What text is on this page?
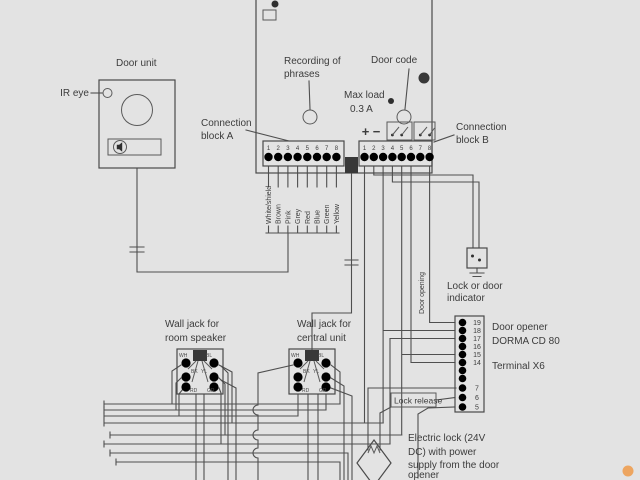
Door unit
IR eye
Recording of
phrases
Door code
Max load
0.3 A
1 2 3 4 5 6 7 8	1 2 3 4 5 6 7 8
+ −
Connection
block A
Connection
block B
White/shield Brown Pink Grey Red Blue Green Yellow
Wall jack for
room speaker
WH	BL
BK YL
RD GR
Wall jack for
central unit
WH	BL
BK YL
RD GR
Door opening Lock or door
indicator
19
18
17
16
15
14
7
6
5
Door opener
DORMA CD 80
Terminal X6
Lock release
Electric lock (24V
DC) with power
supply from the door
opener
